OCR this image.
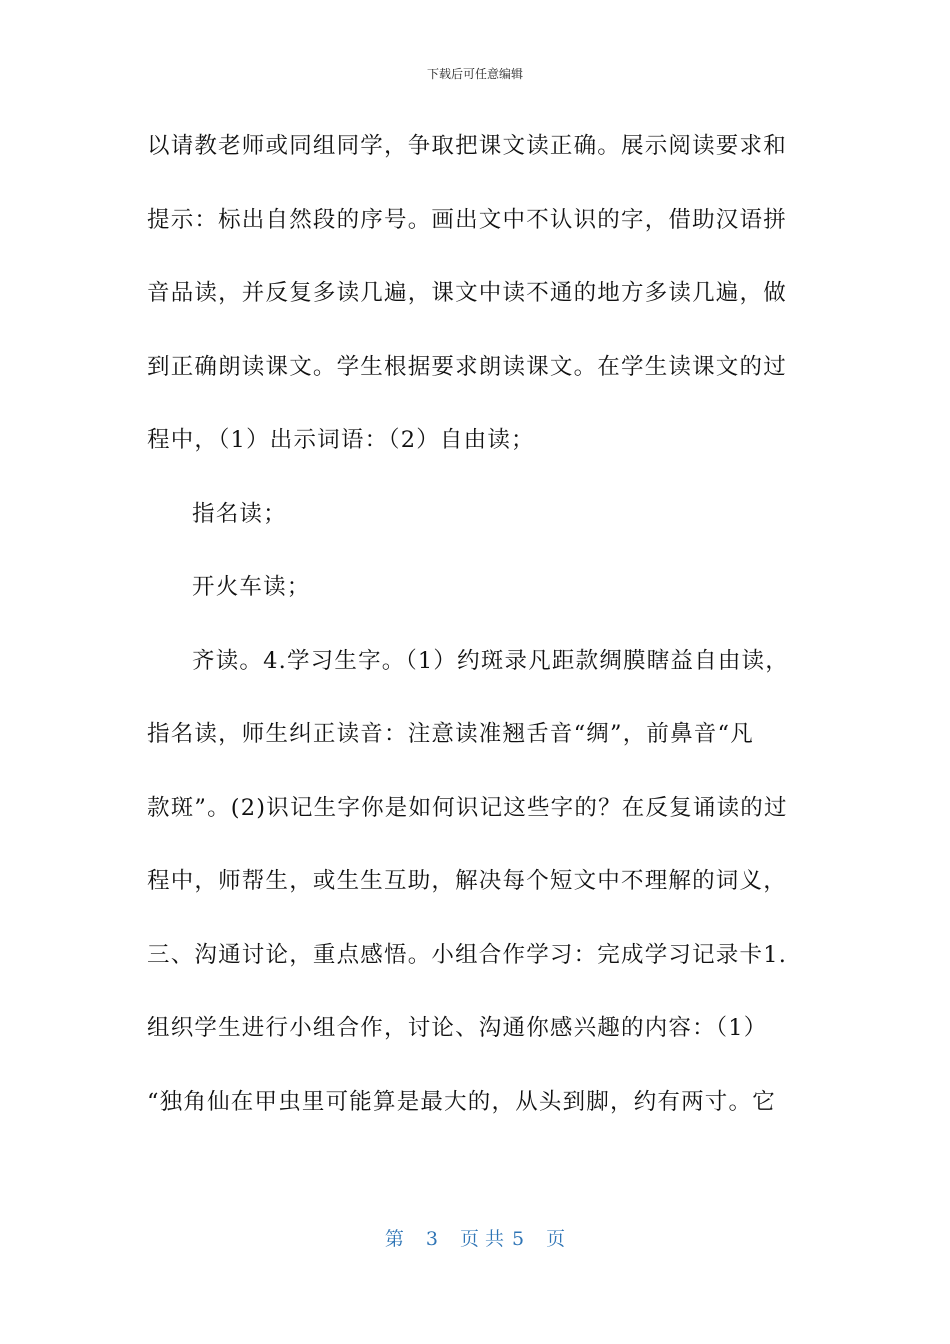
下载后可任意编辑
以请教老师或同组同学，争取把课文读正确。展示阅读要求和
提示：标出自然段的序号。画出文中不认识的字，借助汉语拼
音品读，并反复多读几遍，课文中读不通的地方多读几遍，做
到正确朗读课文。学生根据要求朗读课文。在学生读课文的过
程中，（1）出示词语：（2）自由读；
指名读；
开火车读；
齐读。4.学习生字。（1）约斑录凡距款绸膜瞎益自由读，
指名读，师生纠正读音：注意读准翘舌音“绸”，前鼻音“凡
款斑”。(2)识记生字你是如何识记这些字的？在反复诵读的过
程中，师帮生，或生生互助，解决每个短文中不理解的词义，
三、沟通讨论，重点感悟。小组合作学习：完成学习记录卡1.
组织学生进行小组合作，讨论、沟通你感兴趣的内容：（1）
“独角仙在甲虫里可能算是最大的，从头到脚，约有两寸。它
第 3 页 共 5 页
